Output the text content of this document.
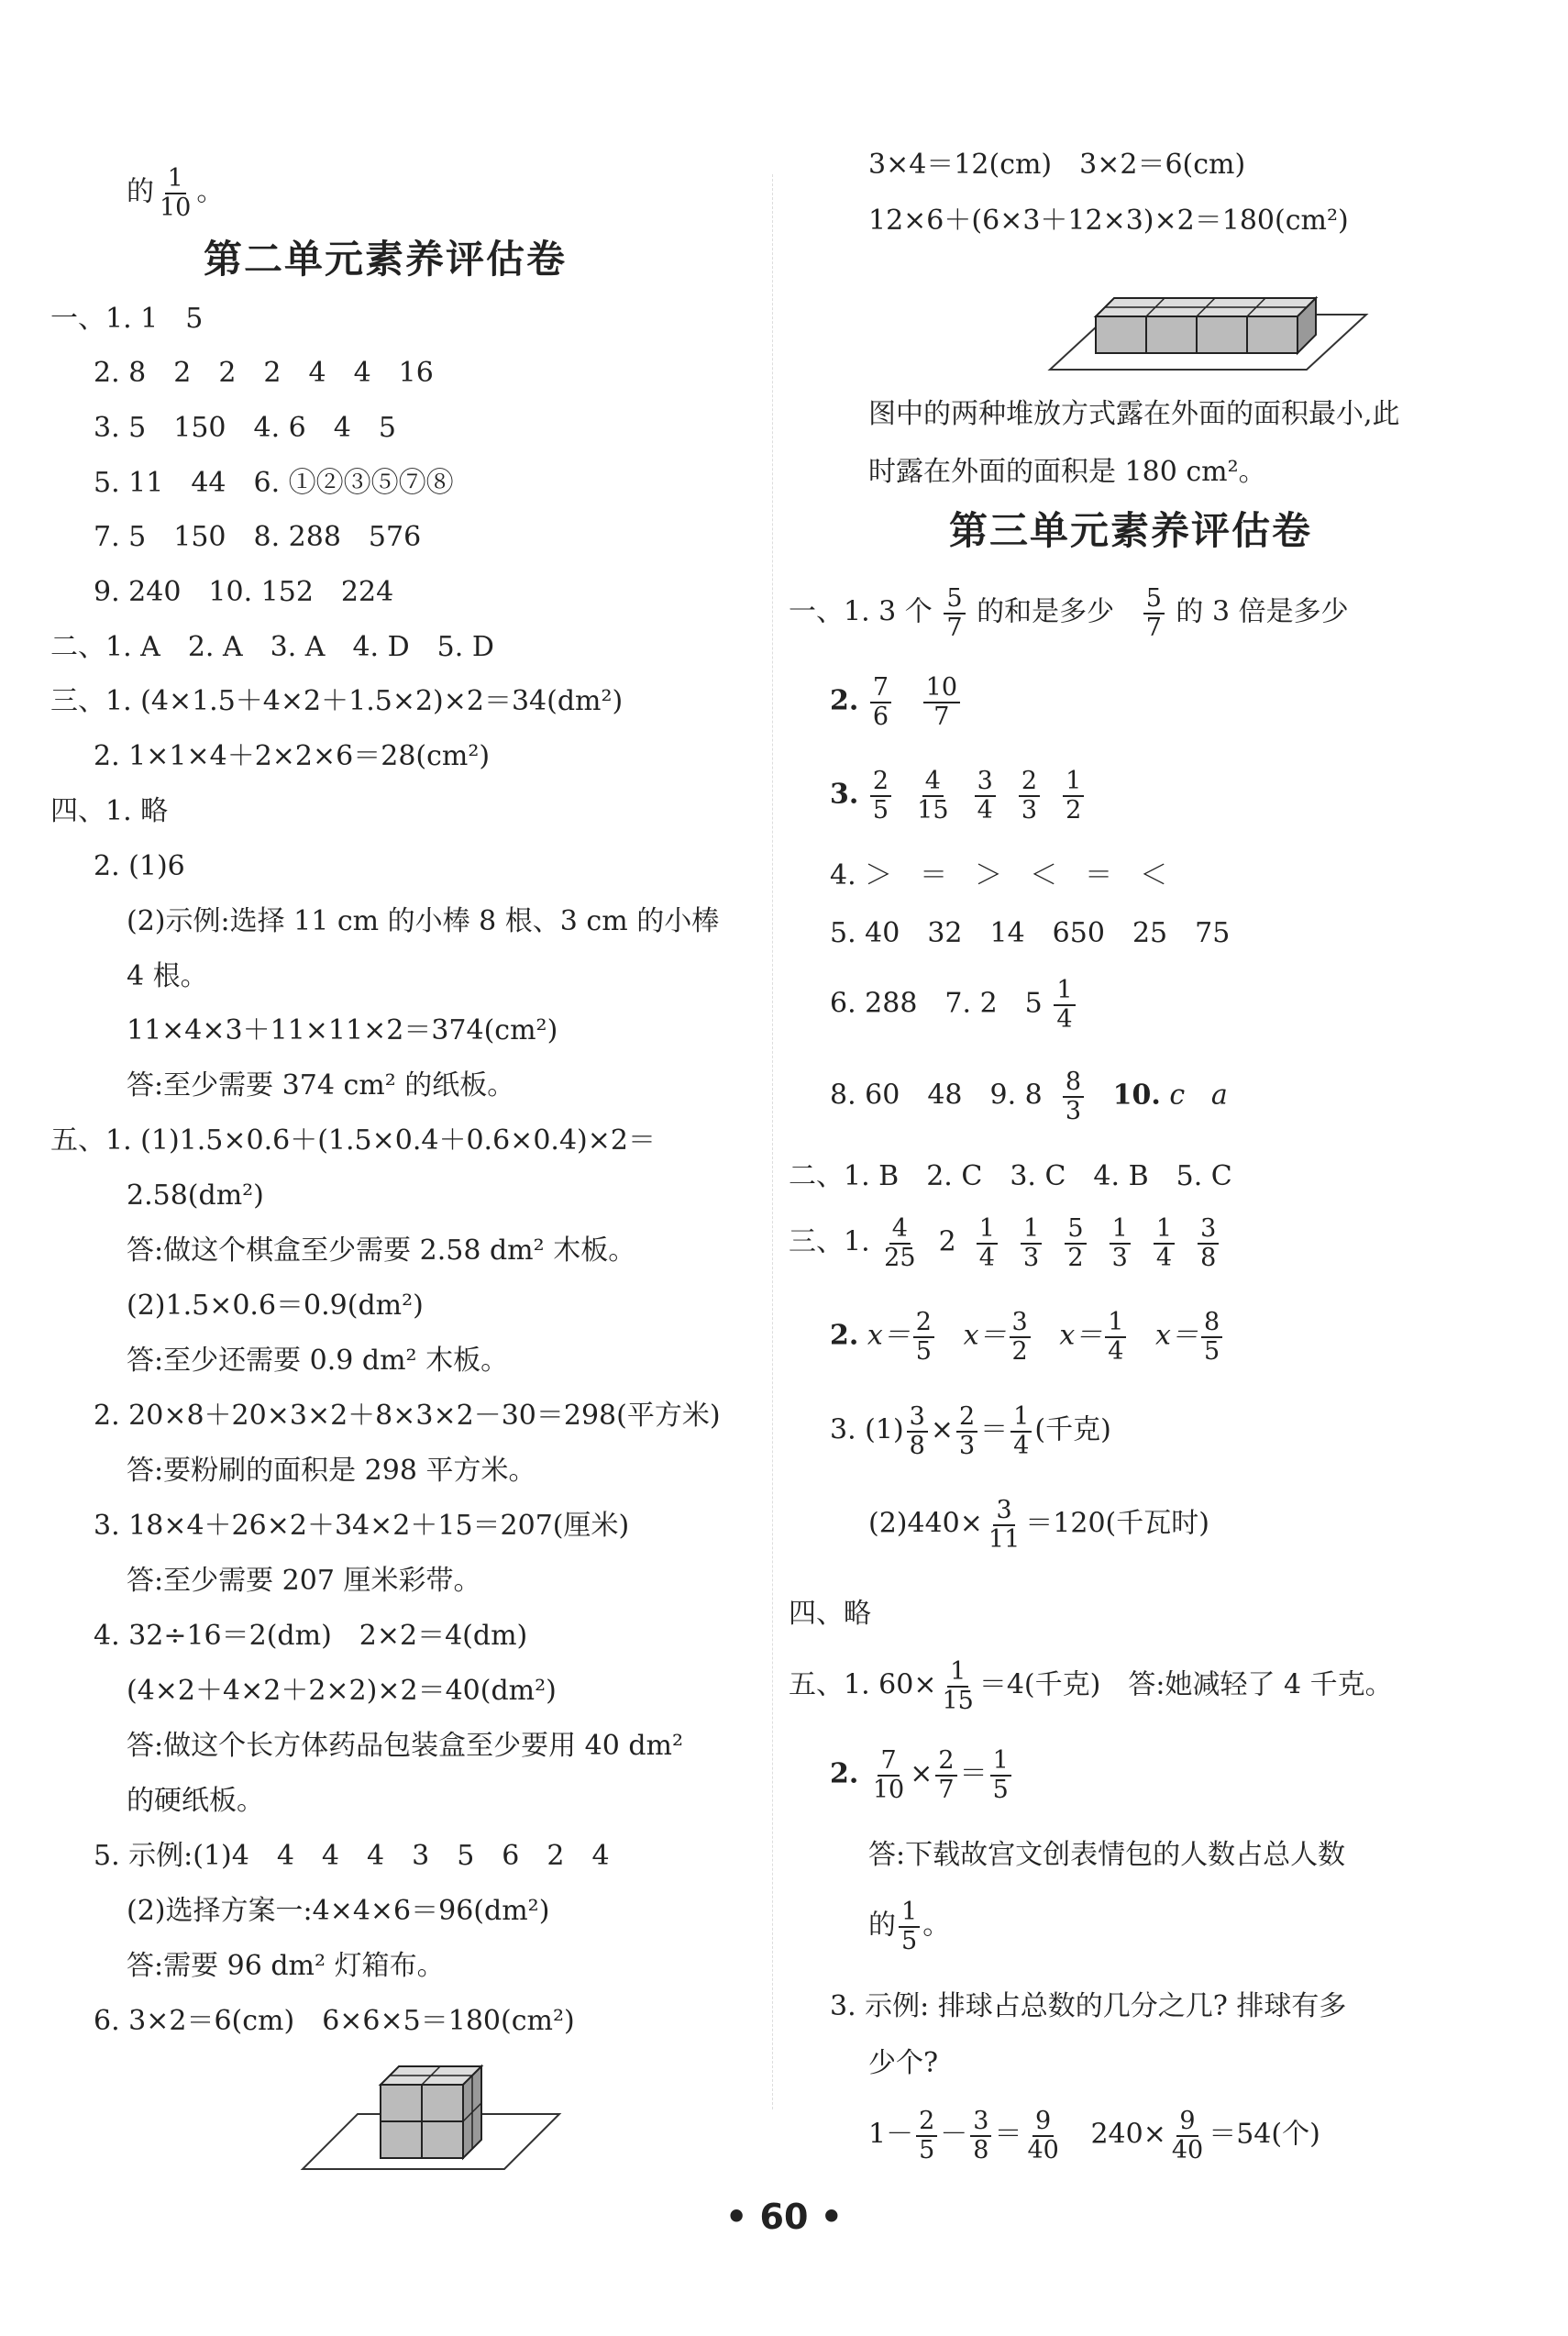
的 $\frac{1}{10}$ 。
第二单元素养评估卷
一、1. 1　5
2. 8　2　2　2　4　4　16
3. 5　150　4. 6　4　5
5. 11　44　6. ①②③⑤⑦⑧
7. 5　150　8. 288　576
9. 240　10. 152　224
二、1. A　2. A　3. A　4. D　5. D
三、1. (4×1.5＋4×2＋1.5×2)×2＝34(dm²)
2. 1×1×4＋2×2×6＝28(cm²)
四、1. 略
2. (1)6
(2)示例:选择 11 cm 的小棒 8 根、3 cm 的小棒
4 根。
11×4×3＋11×11×2＝374(cm²)
答:至少需要 374 cm² 的纸板。
五、1. (1)1.5×0.6＋(1.5×0.4＋0.6×0.4)×2＝
2.58(dm²)
答:做这个棋盒至少需要 2.58 dm² 木板。
(2)1.5×0.6＝0.9(dm²)
答:至少还需要 0.9 dm² 木板。
2. 20×8＋20×3×2＋8×3×2－30＝298(平方米)
答:要粉刷的面积是 298 平方米。
3. 18×4＋26×2＋34×2＋15＝207(厘米)
答:至少需要 207 厘米彩带。
4. 32÷16＝2(dm)　2×2＝4(dm)
(4×2＋4×2＋2×2)×2＝40(dm²)
答:做这个长方体药品包装盒至少要用 40 dm²
的硬纸板。
5. 示例:(1)4　4　4　4　3　5　6　2　4
(2)选择方案一:4×4×6＝96(dm²)
答:需要 96 dm² 灯箱布。
6. 3×2＝6(cm)　6×6×5＝180(cm²)
3×4＝12(cm)　3×2＝6(cm)
12×6＋(6×3＋12×3)×2＝180(cm²)
图中的两种堆放方式露在外面的面积最小,此
时露在外面的面积是 180 cm²。
第三单元素养评估卷
一、1. 3 个 $\frac{5}{7}$ 的和是多少 $\frac{5}{7}$ 的 3 倍是多少
2. $\frac{7}{6}$
$\frac{10}{7}$
3. $\frac{2}{5}$
$\frac{4}{15}$
$\frac{3}{4}$
$\frac{2}{3}$
$\frac{1}{2}$
4. ＞　＝　＞　＜　＝　＜
5. 40　32　14　650　25　75
6. 288　7. 2　$5 \frac{1}{4}$
8. 60　48　9. $8 \frac{8}{3} 10$. c a
二、1. B　2. C　3. C　4. B　5. C
三、1. $\frac{4}{25} 2 \frac{1}{4}$
$\frac{1}{3}$
$\frac{5}{2}$
$\frac{1}{3}$
$\frac{1}{4}$
$\frac{3}{8}$
2. $x= \frac{2}{5} x= \frac{3}{2} x= \frac{1}{4} x= \frac{8}{5}$
3. $(1) \frac{3}{8} \times \frac{2}{3} = \frac{1}{4}$ (千克)
$(2)440\times \frac{3}{11} =120$(千瓦时)
四、略
五、1. $60\times \frac{1}{15} =4$(千克)　答:她减轻了 4 千克。
2. $\frac{7}{10} \times \frac{2}{7} = \frac{1}{5}$
答:下载故宫文创表情包的人数占总人数
的 $\frac{1}{5}$ 。
3. 示例: 排球占总数的几分之几? 排球有多
少个?
$1- \frac{2}{5} - \frac{3}{8} = \frac{9}{40} 240\times \frac{9}{40} =54$(个)
• 60 •
